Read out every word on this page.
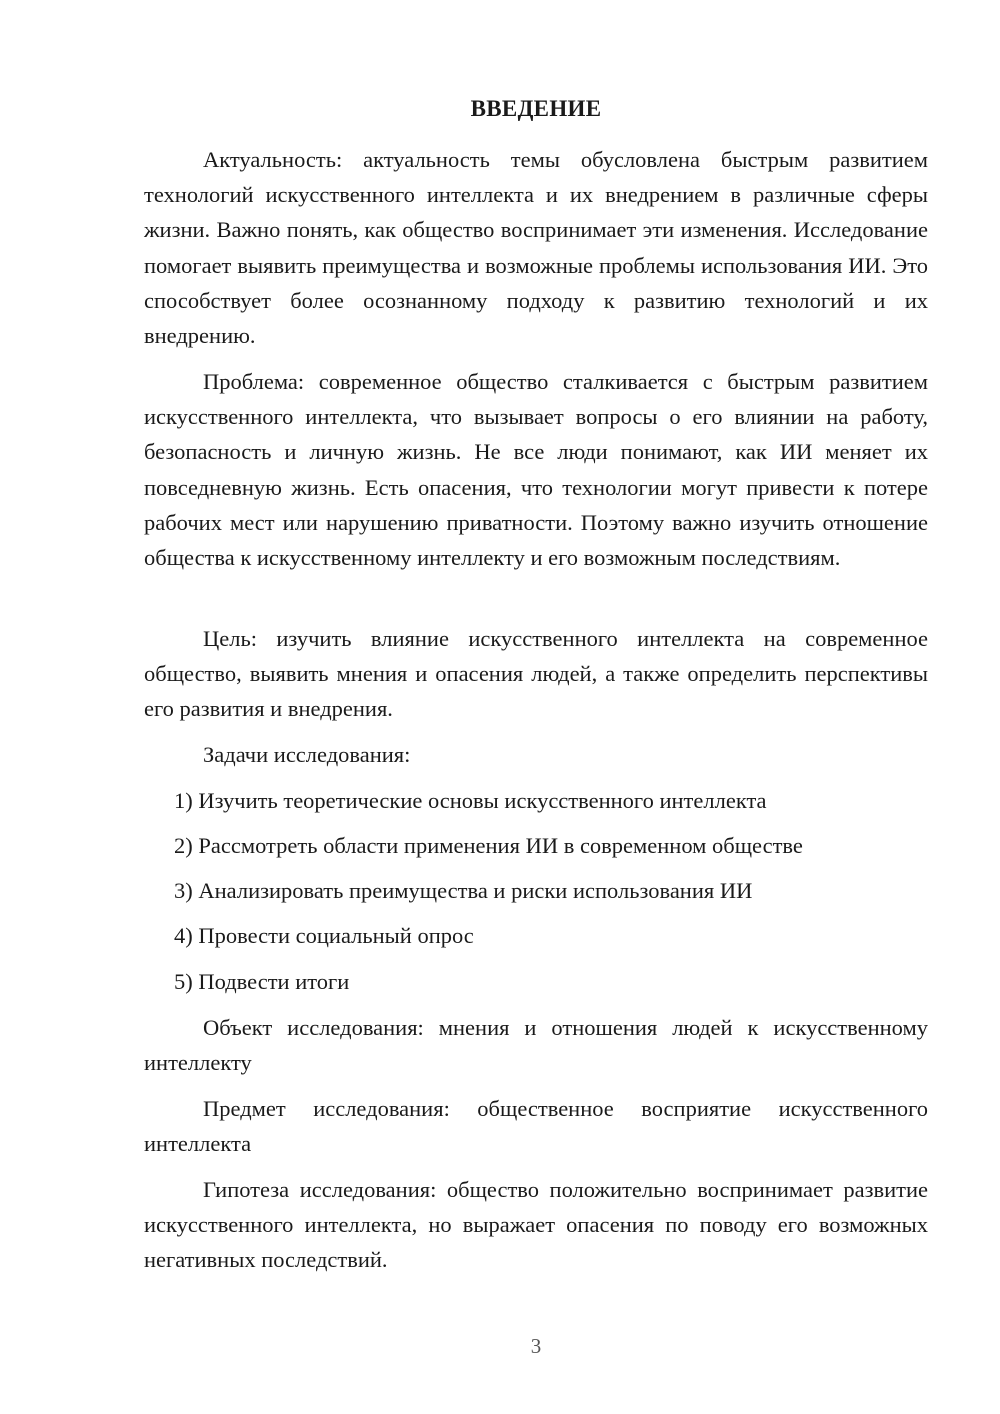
ВВЕДЕНИЕ

Актуальность: актуальность темы обусловлена быстрым развитием технологий искусственного интеллекта и их внедрением в различные сферы жизни. Важно понять, как общество воспринимает эти изменения. Исследование помогает выявить преимущества и возможные проблемы использования ИИ. Это способствует более осознанному подходу к развитию технологий и их внедрению.

Проблема: современное общество сталкивается с быстрым развитием искусственного интеллекта, что вызывает вопросы о его влиянии на работу, безопасность и личную жизнь. Не все люди понимают, как ИИ меняет их повседневную жизнь. Есть опасения, что технологии могут привести к потере рабочих мест или нарушению приватности. Поэтому важно изучить отношение общества к искусственному интеллекту и его возможным последствиям.

Цель: изучить влияние искусственного интеллекта на современное общество, выявить мнения и опасения людей, а также определить перспективы его развития и внедрения.

Задачи исследования:

1) Изучить теоретические основы искусственного интеллекта

2) Рассмотреть области применения ИИ в современном обществе

3) Анализировать преимущества и риски использования ИИ

4) Провести социальный опрос

5) Подвести итоги

Объект исследования: мнения и отношения людей к искусственному интеллекту

Предмет исследования: общественное восприятие искусственного интеллекта

Гипотеза исследования: общество положительно воспринимает развитие искусственного интеллекта, но выражает опасения по поводу его возможных негативных последствий.

3
